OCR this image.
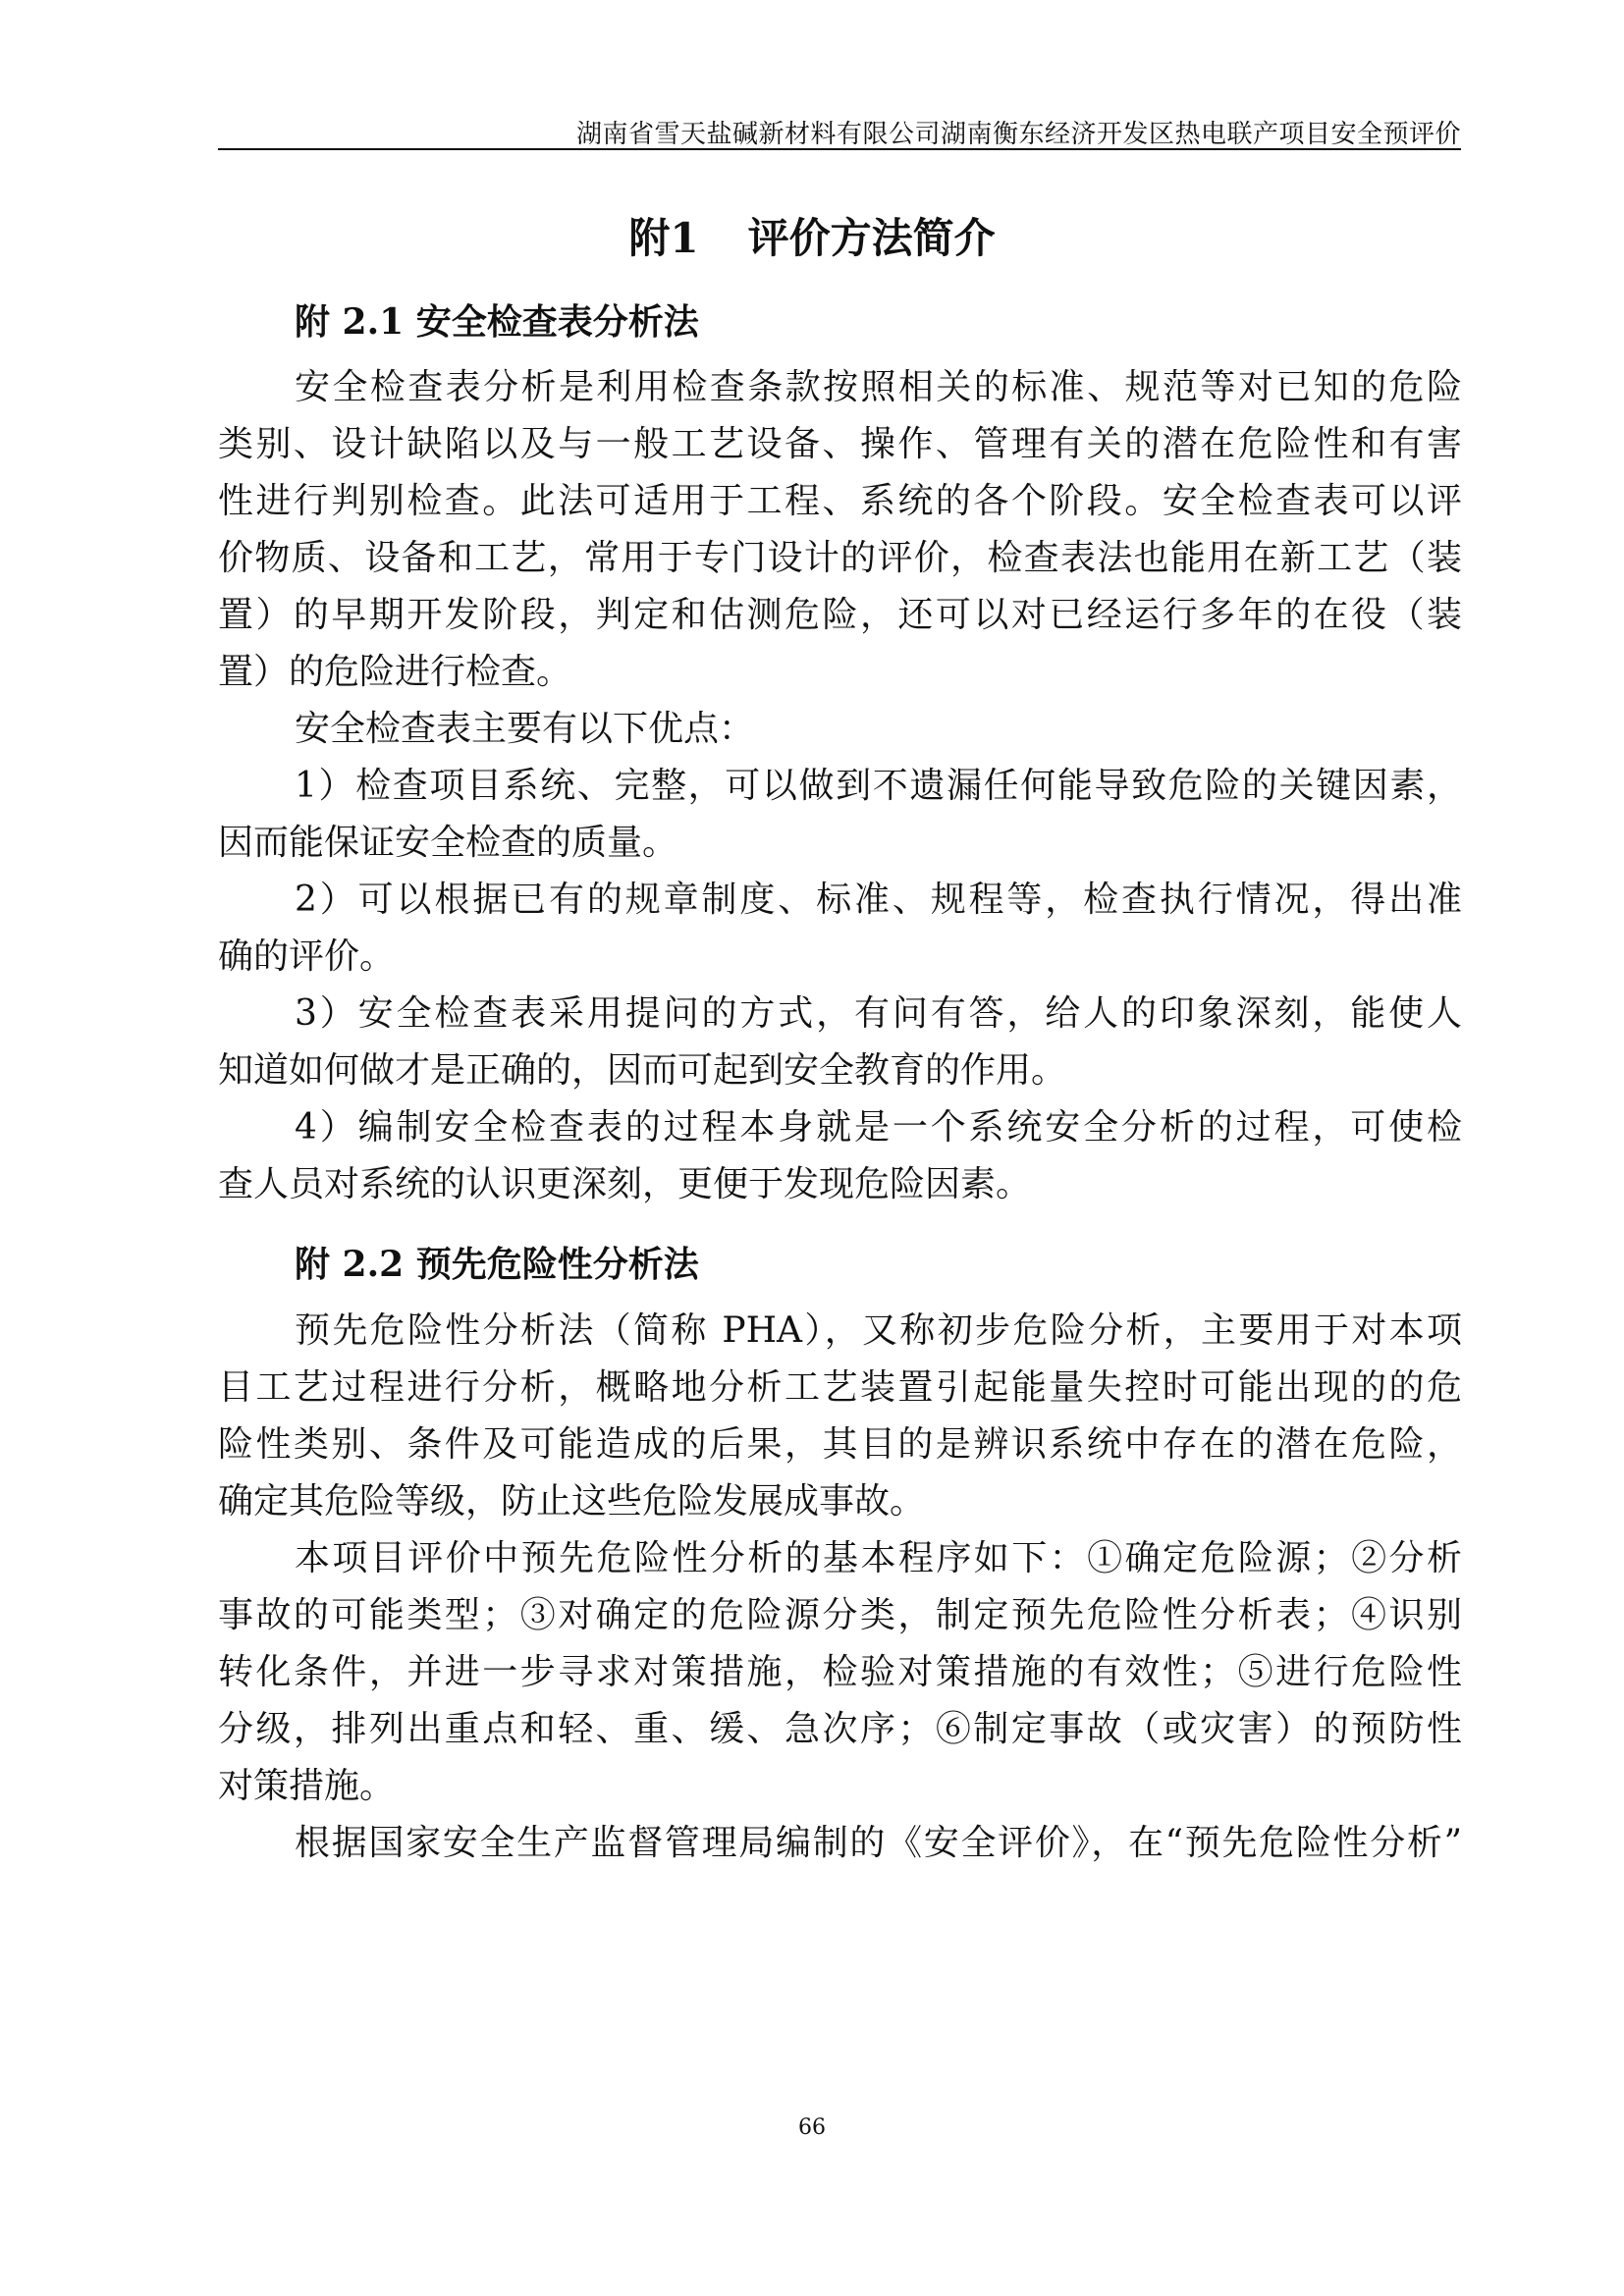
湖南省雪天盐碱新材料有限公司湖南衡东经济开发区热电联产项目安全预评价
附1 评价方法简介
附 2.1 安全检查表分析法
安全检查表分析是利用检查条款按照相关的标准、规范等对已知的危险
类别、设计缺陷以及与一般工艺设备、操作、管理有关的潜在危险性和有害
性进行判别检查。此法可适用于工程、系统的各个阶段。安全检查表可以评
价物质、设备和工艺，常用于专门设计的评价，检查表法也能用在新工艺（装
置）的早期开发阶段，判定和估测危险，还可以对已经运行多年的在役（装
置）的危险进行检查。
安全检查表主要有以下优点：
1）检查项目系统、完整，可以做到不遗漏任何能导致危险的关键因素，
因而能保证安全检查的质量。
2）可以根据已有的规章制度、标准、规程等，检查执行情况，得出准
确的评价。
3）安全检查表采用提问的方式，有问有答，给人的印象深刻，能使人
知道如何做才是正确的，因而可起到安全教育的作用。
4）编制安全检查表的过程本身就是一个系统安全分析的过程，可使检
查人员对系统的认识更深刻，更便于发现危险因素。
附 2.2 预先危险性分析法
预先危险性分析法（简称 PHA），又称初步危险分析，主要用于对本项
目工艺过程进行分析，概略地分析工艺装置引起能量失控时可能出现的的危
险性类别、条件及可能造成的后果，其目的是辨识系统中存在的潜在危险，
确定其危险等级，防止这些危险发展成事故。
本项目评价中预先危险性分析的基本程序如下：①确定危险源；②分析
事故的可能类型；③对确定的危险源分类，制定预先危险性分析表；④识别
转化条件，并进一步寻求对策措施，检验对策措施的有效性；⑤进行危险性
分级，排列出重点和轻、重、缓、急次序；⑥制定事故（或灾害）的预防性
对策措施。
根据国家安全生产监督管理局编制的《安全评价》，在“预先危险性分析”
66
